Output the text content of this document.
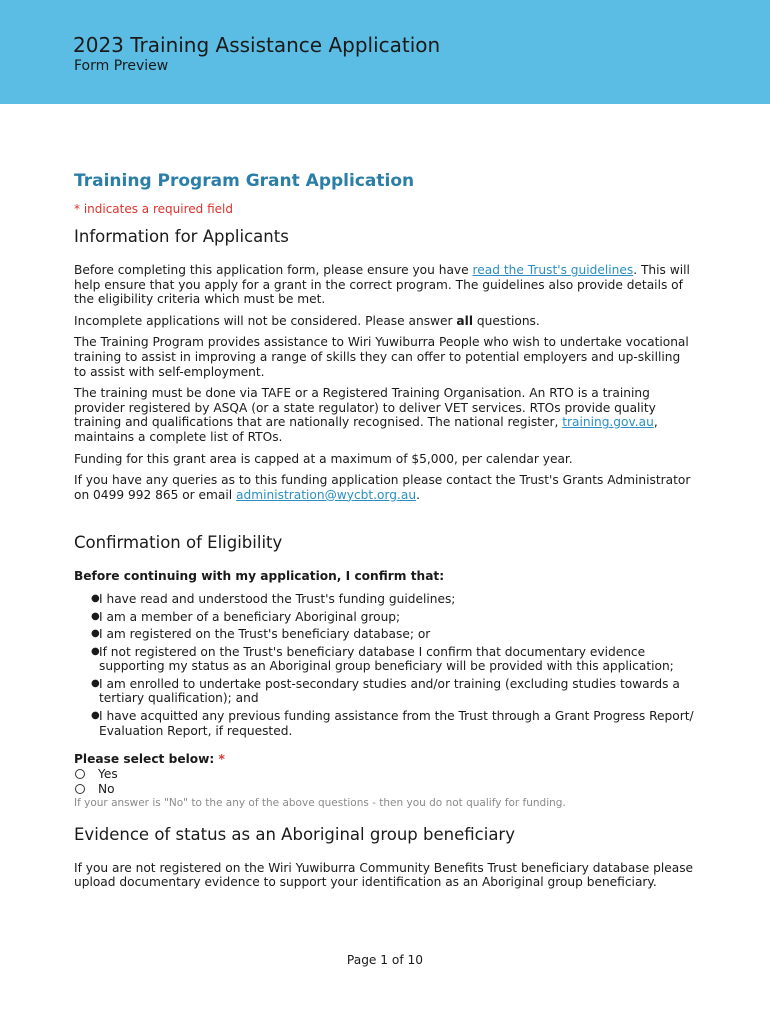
2023 Training Assistance Application
Form Preview
Training Program Grant Application
* indicates a required field
Information for Applicants

Before completing this application form, please ensure you have read the Trust's guidelines. This will help ensure that you apply for a grant in the correct program. The guidelines also provide details of the eligibility criteria which must be met.

Incomplete applications will not be considered. Please answer all questions.

The Training Program provides assistance to Wiri Yuwiburra People who wish to undertake vocational training to assist in improving a range of skills they can offer to potential employers and up-skilling to assist with self-employment.

The training must be done via TAFE or a Registered Training Organisation. An RTO is a training provider registered by ASQA (or a state regulator) to deliver VET services. RTOs provide quality training and qualifications that are nationally recognised. The national register, training.gov.au, maintains a complete list of RTOs.

Funding for this grant area is capped at a maximum of $5,000, per calendar year.

If you have any queries as to this funding application please contact the Trust's Grants Administrator on 0499 992 865 or email administration@wycbt.org.au.

Confirmation of Eligibility

Before continuing with my application, I confirm that:

● I have read and understood the Trust's funding guidelines;
● I am a member of a beneficiary Aboriginal group;
● I am registered on the Trust's beneficiary database; or
● If not registered on the Trust's beneficiary database I confirm that documentary evidence supporting my status as an Aboriginal group beneficiary will be provided with this application;
● I am enrolled to undertake post-secondary studies and/or training (excluding studies towards a tertiary qualification); and
● I have acquitted any previous funding assistance from the Trust through a Grant Progress Report/ Evaluation Report, if requested.

Please select below: *

Yes
No
If your answer is "No" to the any of the above questions - then you do not qualify for funding.
Evidence of status as an Aboriginal group beneficiary

If you are not registered on the Wiri Yuwiburra Community Benefits Trust beneficiary database please upload documentary evidence to support your identification as an Aboriginal group beneficiary.

Page 1 of 10
